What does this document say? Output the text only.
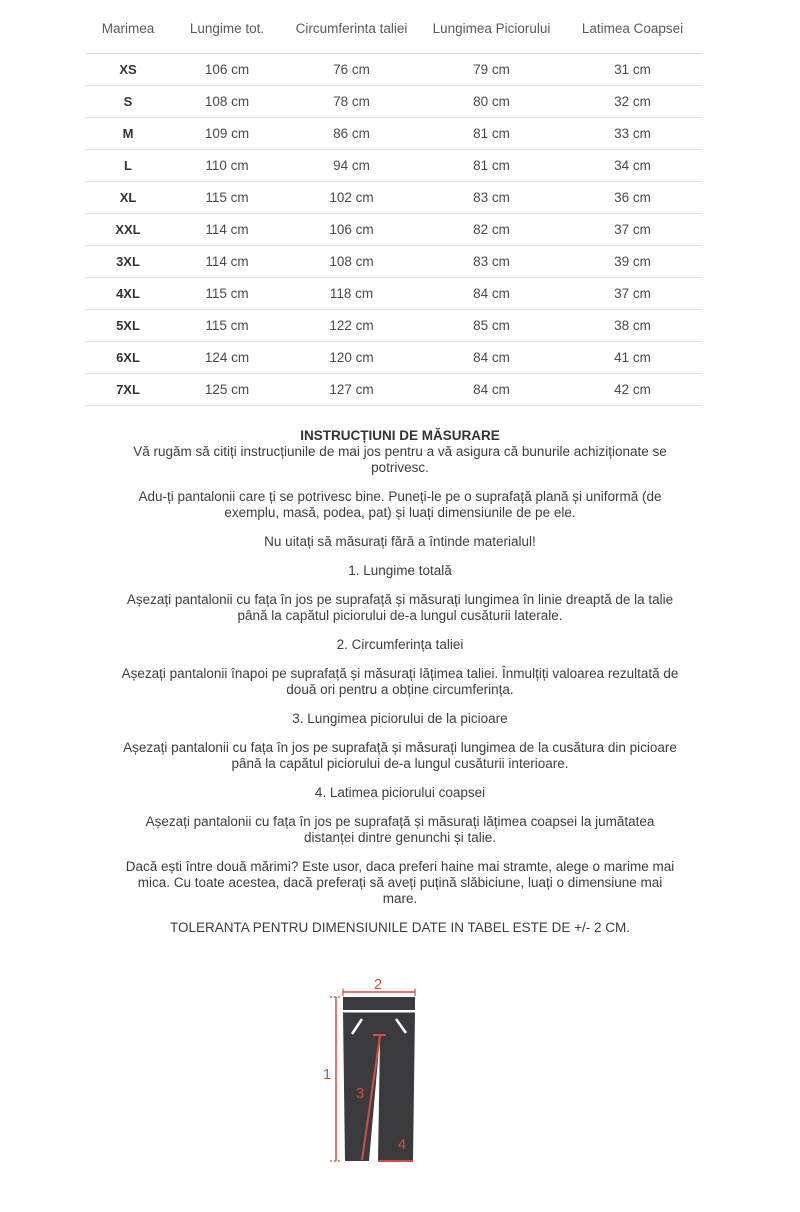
Marimea	Lungime tot.	Circumferinta taliei	Lungimea Piciorului	Latimea Coapsei
XS	106 cm	76 cm	79 cm	31 cm
S	108 cm	78 cm	80 cm	32 cm
M	109 cm	86 cm	81 cm	33 cm
L	110 cm	94 cm	81 cm	34 cm
XL	115 cm	102 cm	83 cm	36 cm
XXL	114 cm	106 cm	82 cm	37 cm
3XL	114 cm	108 cm	83 cm	39 cm
4XL	115 cm	118 cm	84 cm	37 cm
5XL	115 cm	122 cm	85 cm	38 cm
6XL	124 cm	120 cm	84 cm	41 cm
7XL	125 cm	127 cm	84 cm	42 cm

INSTRUCȚIUNI DE MĂSURARE

Vă rugăm să citiți instrucțiunile de mai jos pentru a vă asigura că bunurile achiziționate se potrivesc.

Adu-ți pantalonii care ți se potrivesc bine. Puneți-le pe o suprafață plană și uniformă (de exemplu, masă, podea, pat) și luați dimensiunile de pe ele.

Nu uitați să măsurați fără a întinde materialul!

1. Lungime totală

Așezați pantalonii cu fața în jos pe suprafață și măsurați lungimea în linie dreaptă de la talie până la capătul piciorului de-a lungul cusăturii laterale.

2. Circumferința taliei

Așezați pantalonii înapoi pe suprafață și măsurați lățimea taliei. Înmulțiți valoarea rezultată de două ori pentru a obține circumferința.

3. Lungimea piciorului de la picioare

Așezați pantalonii cu fața în jos pe suprafață și măsurați lungimea de la cusătura din picioare până la capătul piciorului de-a lungul cusăturii interioare.

4. Latimea piciorului coapsei

Așezați pantalonii cu fața în jos pe suprafață și măsurați lățimea coapsei la jumătatea distanței dintre genunchi și talie.

Dacă ești între două mărimi? Este usor, daca preferi haine mai stramte, alege o marime mai mica. Cu toate acestea, dacă preferați să aveți puțină slăbiciune, luați o dimensiune mai mare.

TOLERANTA PENTRU DIMENSIUNILE DATE IN TABEL ESTE DE +/- 2 CM.

2
1
3
4
